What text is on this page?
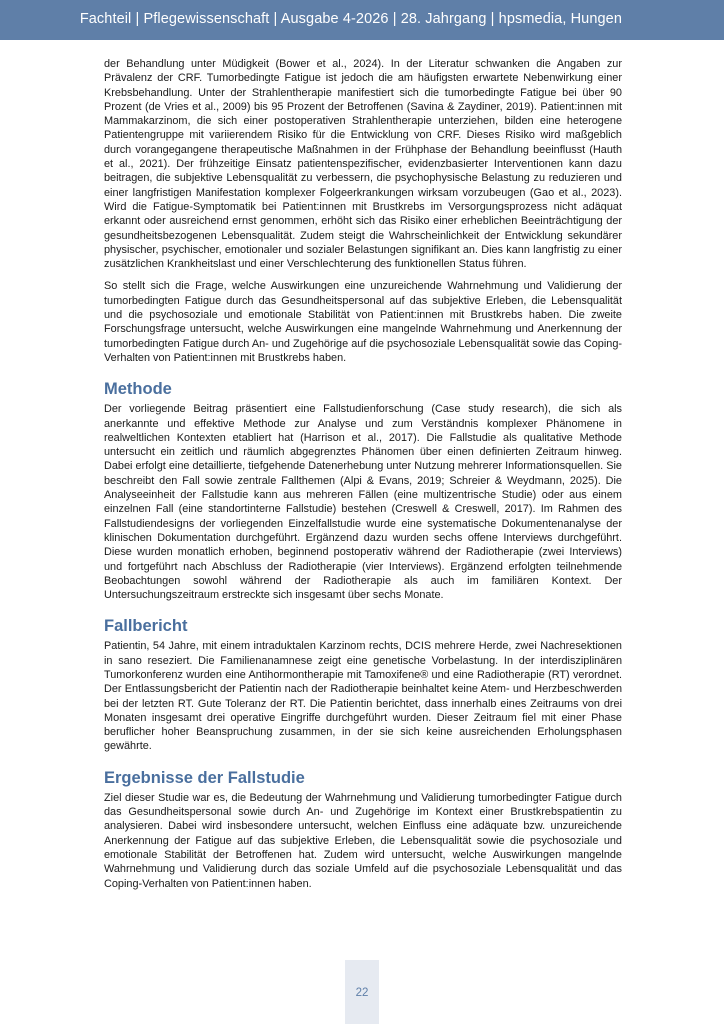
Fachteil | Pflegewissenschaft | Ausgabe 4-2026 | 28. Jahrgang | hpsmedia, Hungen

der Behandlung unter Müdigkeit (Bower et al., 2024). In der Literatur schwanken die Angaben zur Prävalenz der CRF. Tumorbedingte Fatigue ist jedoch die am häufigsten erwartete Nebenwirkung einer Krebsbehandlung. Unter der Strahlentherapie manifestiert sich die tumorbedingte Fatigue bei über 90 Prozent (de Vries et al., 2009) bis 95 Prozent der Betroffenen (Savina & Zaydiner, 2019). Patient:innen mit Mammakarzinom, die sich einer postoperativen Strahlentherapie unterziehen, bilden eine heterogene Patientengruppe mit variierendem Risiko für die Entwicklung von CRF. Dieses Risiko wird maßgeblich durch vorangegangene therapeutische Maßnahmen in der Frühphase der Behandlung beeinflusst (Hauth et al., 2021). Der frühzeitige Einsatz patientenspezifischer, evidenzbasierter Interventionen kann dazu beitragen, die subjektive Lebensqualität zu verbessern, die psychophysische Belastung zu reduzieren und einer langfristigen Manifestation komplexer Folgeerkrankungen wirksam vorzubeugen (Gao et al., 2023). Wird die Fatigue-Symptomatik bei Patient:innen mit Brustkrebs im Versorgungsprozess nicht adäquat erkannt oder ausreichend ernst genommen, erhöht sich das Risiko einer erheblichen Beeinträchtigung der gesundheitsbezogenen Lebensqualität. Zudem steigt die Wahrscheinlichkeit der Entwicklung sekundärer physischer, psychischer, emotionaler und sozialer Belastungen signifikant an. Dies kann langfristig zu einer zusätzlichen Krankheitslast und einer Verschlechterung des funktionellen Status führen.

So stellt sich die Frage, welche Auswirkungen eine unzureichende Wahrnehmung und Validierung der tumorbedingten Fatigue durch das Gesundheitspersonal auf das subjektive Erleben, die Lebensqualität und die psychosoziale und emotionale Stabilität von Patient:innen mit Brustkrebs haben. Die zweite Forschungsfrage untersucht, welche Auswirkungen eine mangelnde Wahrnehmung und Anerkennung der tumorbedingten Fatigue durch An- und Zugehörige auf die psychosoziale Lebensqualität sowie das Coping-Verhalten von Patient:innen mit Brustkrebs haben.

Methode

Der vorliegende Beitrag präsentiert eine Fallstudienforschung (Case study research), die sich als anerkannte und effektive Methode zur Analyse und zum Verständnis komplexer Phänomene in realweltlichen Kontexten etabliert hat (Harrison et al., 2017). Die Fallstudie als qualitative Methode untersucht ein zeitlich und räumlich abgegrenztes Phänomen über einen definierten Zeitraum hinweg. Dabei erfolgt eine detaillierte, tiefgehende Datenerhebung unter Nutzung mehrerer Informationsquellen. Sie beschreibt den Fall sowie zentrale Fallthemen (Alpi & Evans, 2019; Schreier & Weydmann, 2025). Die Analyseeinheit der Fallstudie kann aus mehreren Fällen (eine multizentrische Studie) oder aus einem einzelnen Fall (eine standortinterne Fallstudie) bestehen (Creswell & Creswell, 2017). Im Rahmen des Fallstudiendesigns der vorliegenden Einzelfallstudie wurde eine systematische Dokumentenanalyse der klinischen Dokumentation durchgeführt. Ergänzend dazu wurden sechs offene Interviews durchgeführt. Diese wurden monatlich erhoben, beginnend postoperativ während der Radiotherapie (zwei Interviews) und fortgeführt nach Abschluss der Radiotherapie (vier Interviews). Ergänzend erfolgten teilnehmende Beobachtungen sowohl während der Radiotherapie als auch im familiären Kontext. Der Untersuchungszeitraum erstreckte sich insgesamt über sechs Monate.

Fallbericht

Patientin, 54 Jahre, mit einem intraduktalen Karzinom rechts, DCIS mehrere Herde, zwei Nachresektionen in sano reseziert. Die Familienanamnese zeigt eine genetische Vorbelastung. In der interdisziplinären Tumorkonferenz wurden eine Antihormontherapie mit Tamoxifene® und eine Radiotherapie (RT) verordnet. Der Entlassungsbericht der Patientin nach der Radiotherapie beinhaltet keine Atem- und Herzbeschwerden bei der letzten RT. Gute Toleranz der RT. Die Patientin berichtet, dass innerhalb eines Zeitraums von drei Monaten insgesamt drei operative Eingriffe durchgeführt wurden. Dieser Zeitraum fiel mit einer Phase beruflicher hoher Beanspruchung zusammen, in der sie sich keine ausreichenden Erholungsphasen gewährte.

Ergebnisse der Fallstudie

Ziel dieser Studie war es, die Bedeutung der Wahrnehmung und Validierung tumorbedingter Fatigue durch das Gesundheitspersonal sowie durch An- und Zugehörige im Kontext einer Brustkrebspatientin zu analysieren. Dabei wird insbesondere untersucht, welchen Einfluss eine adäquate bzw. unzureichende Anerkennung der Fatigue auf das subjektive Erleben, die Lebensqualität sowie die psychosoziale und emotionale Stabilität der Betroffenen hat. Zudem wird untersucht, welche Auswirkungen mangelnde Wahrnehmung und Validierung durch das soziale Umfeld auf die psychosoziale Lebensqualität und das Coping-Verhalten von Patient:innen haben.

22
